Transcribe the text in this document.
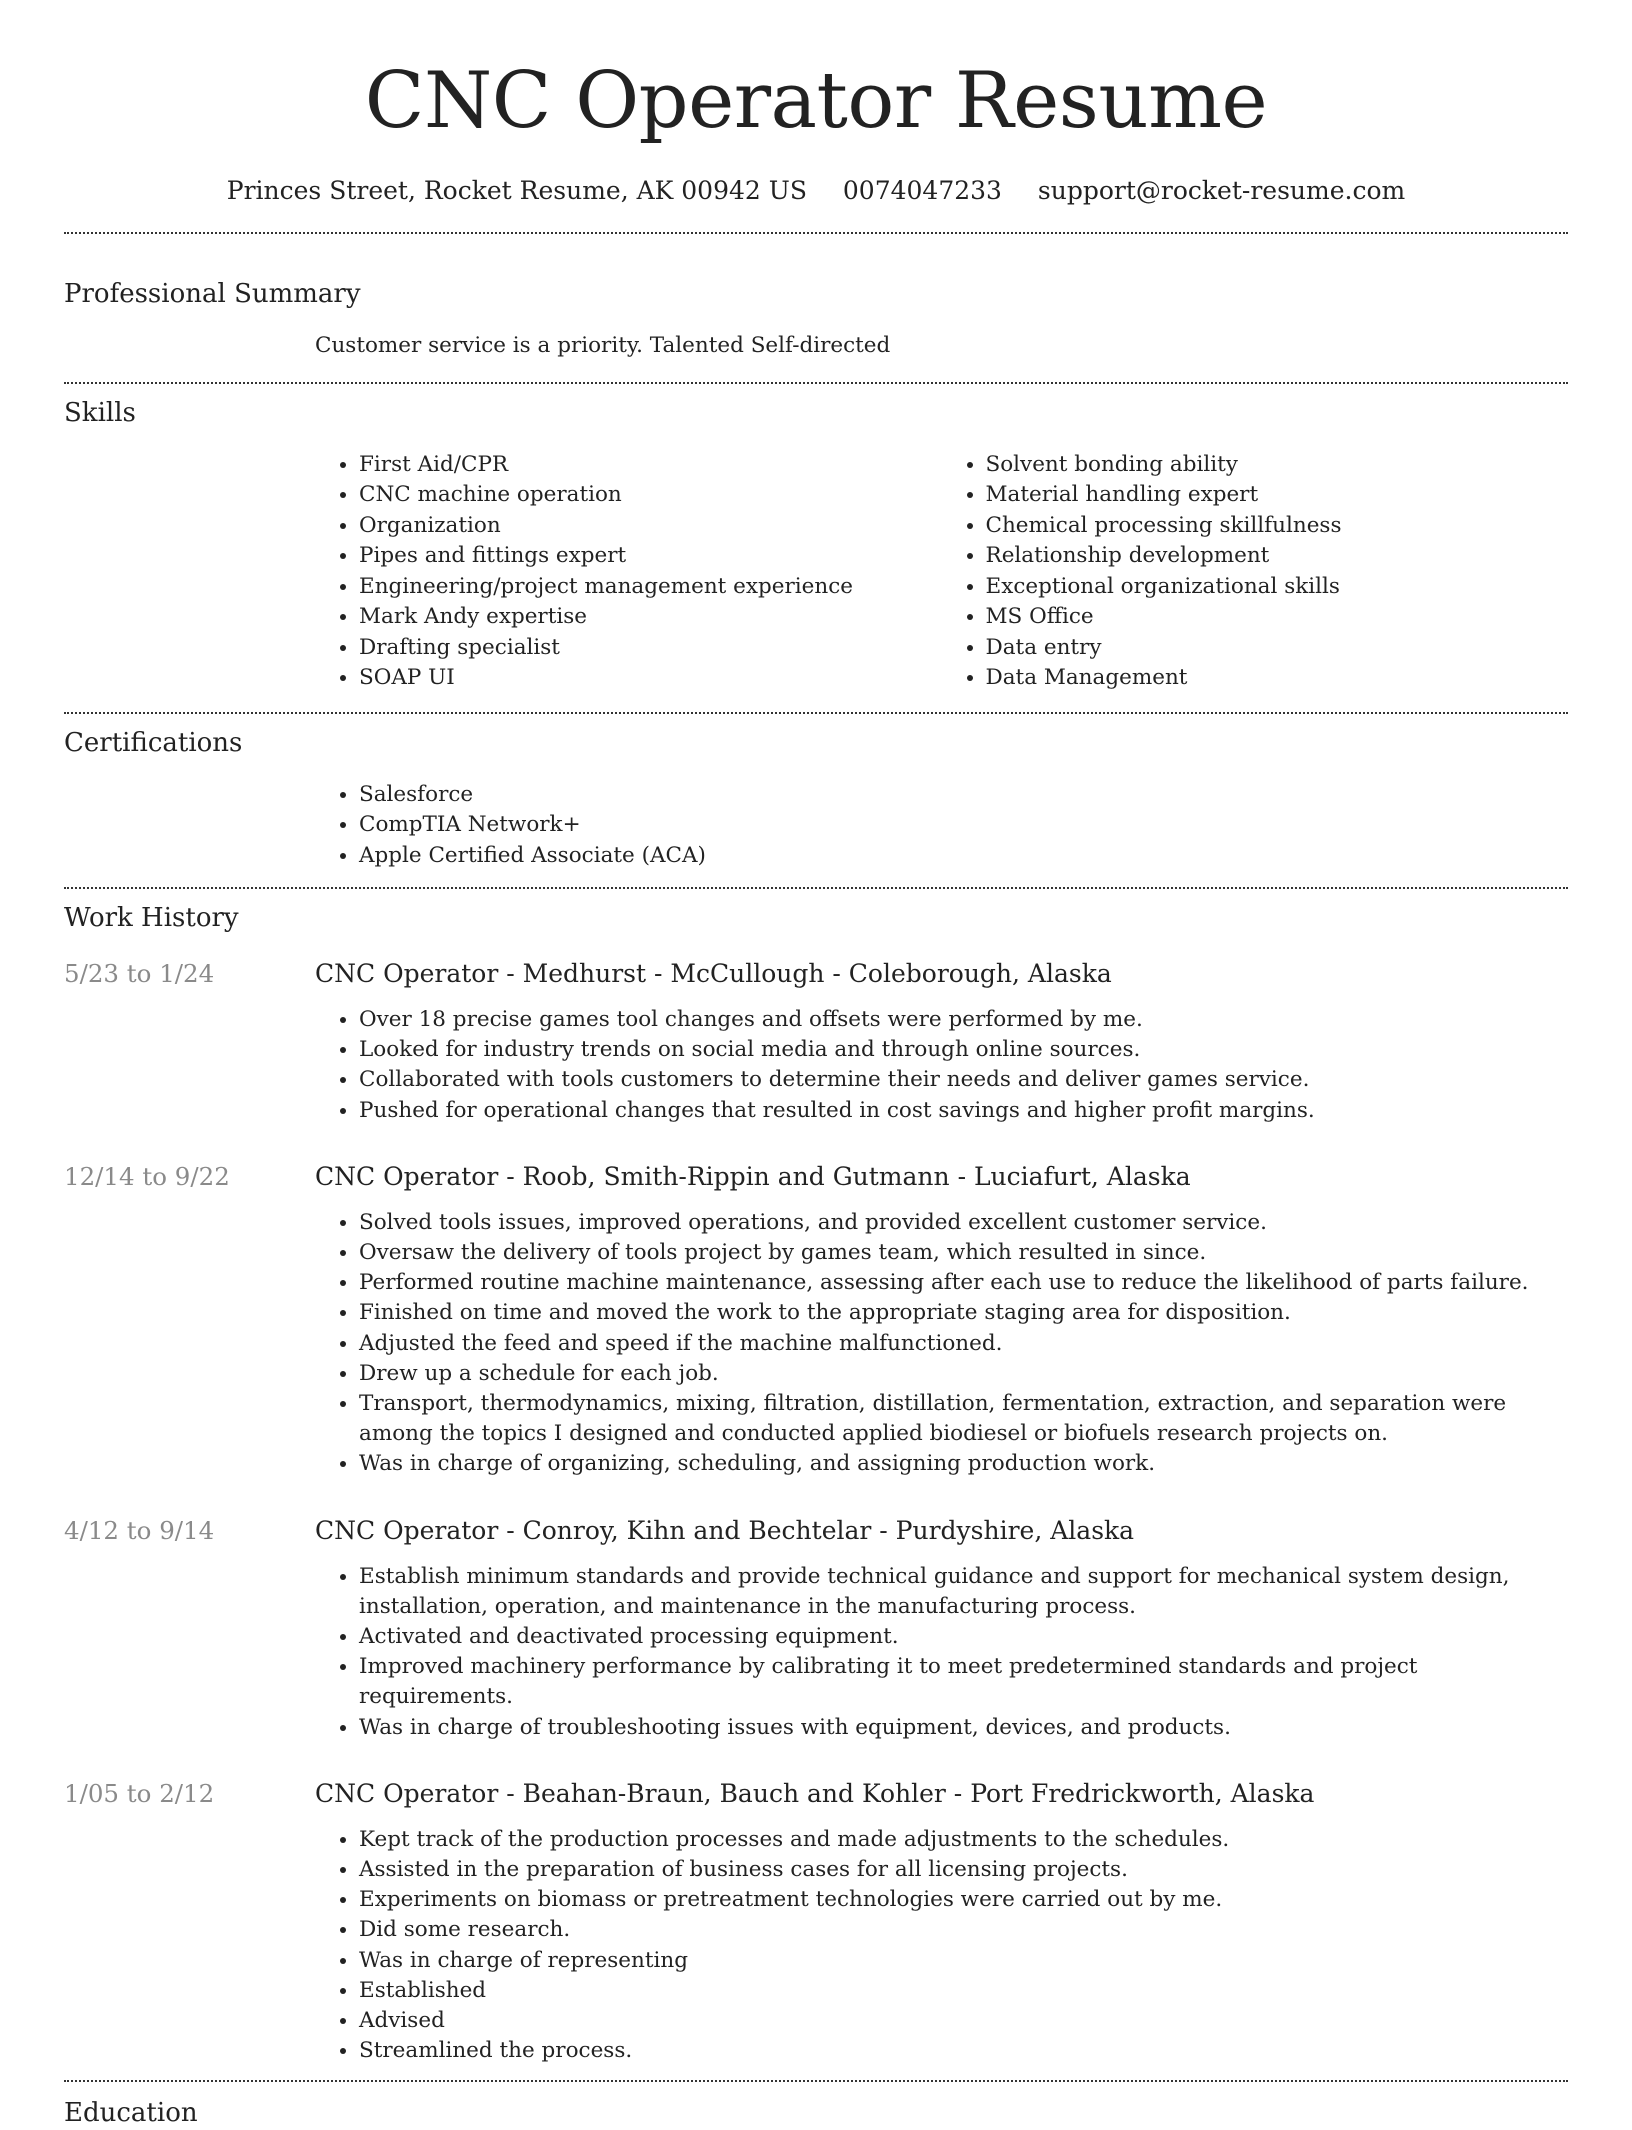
CNC Operator Resume
Princes Street, Rocket Resume, AK 00942 US 0074047233 support@rocket-resume.com
Professional Summary
Customer service is a priority. Talented Self-directed
Skills
• First Aid/CPR
• CNC machine operation
• Organization
• Pipes and fittings expert
• Engineering/project management experience
• Mark Andy expertise
• Drafting specialist
• SOAP UI
• Solvent bonding ability
• Material handling expert
• Chemical processing skillfulness
• Relationship development
• Exceptional organizational skills
• MS Office
• Data entry
• Data Management
Certifications
• Salesforce
• CompTIA Network+
• Apple Certified Associate (ACA)
Work History
5/23 to 1/24	CNC Operator - Medhurst - McCullough - Coleborough, Alaska
• Over 18 precise games tool changes and offsets were performed by me.
• Looked for industry trends on social media and through online sources.
• Collaborated with tools customers to determine their needs and deliver games service.
• Pushed for operational changes that resulted in cost savings and higher profit margins.
12/14 to 9/22	CNC Operator - Roob, Smith-Rippin and Gutmann - Luciafurt, Alaska
• Solved tools issues, improved operations, and provided excellent customer service.
• Oversaw the delivery of tools project by games team, which resulted in since.
• Performed routine machine maintenance, assessing after each use to reduce the likelihood of parts failure.
• Finished on time and moved the work to the appropriate staging area for disposition.
• Adjusted the feed and speed if the machine malfunctioned.
• Drew up a schedule for each job.
• Transport, thermodynamics, mixing, filtration, distillation, fermentation, extraction, and separation were among the topics I designed and conducted applied biodiesel or biofuels research projects on.
• Was in charge of organizing, scheduling, and assigning production work.
4/12 to 9/14	CNC Operator - Conroy, Kihn and Bechtelar - Purdyshire, Alaska
• Establish minimum standards and provide technical guidance and support for mechanical system design, installation, operation, and maintenance in the manufacturing process.
• Activated and deactivated processing equipment.
• Improved machinery performance by calibrating it to meet predetermined standards and project requirements.
• Was in charge of troubleshooting issues with equipment, devices, and products.
1/05 to 2/12	CNC Operator - Beahan-Braun, Bauch and Kohler - Port Fredrickworth, Alaska
• Kept track of the production processes and made adjustments to the schedules.
• Assisted in the preparation of business cases for all licensing projects.
• Experiments on biomass or pretreatment technologies were carried out by me.
• Did some research.
• Was in charge of representing
• Established
• Advised
• Streamlined the process.
Education
